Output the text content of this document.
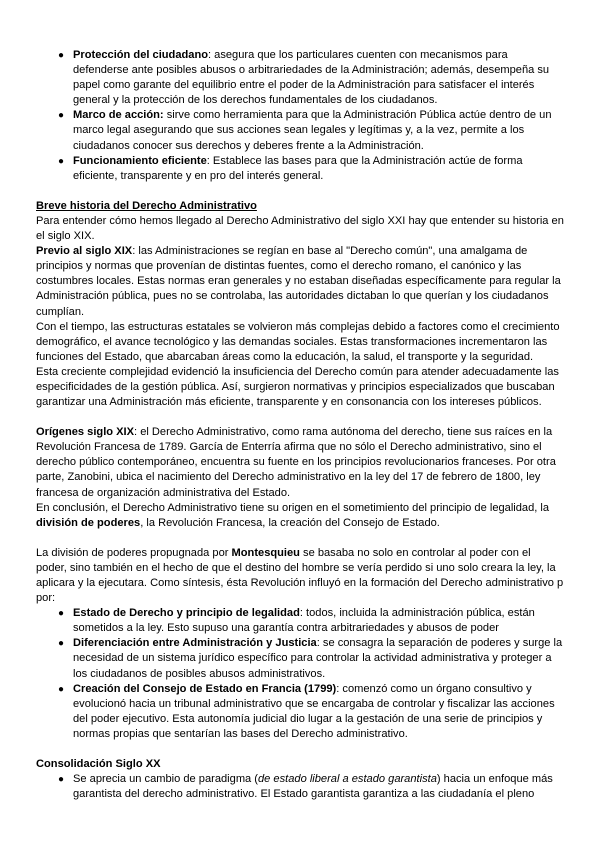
● Protección del ciudadano: asegura que los particulares cuenten con mecanismos para defenderse ante posibles abusos o arbitrariedades de la Administración; además, desempeña su papel como garante del equilibrio entre el poder de la Administración para satisfacer el interés general y la protección de los derechos fundamentales de los ciudadanos.
● Marco de acción: sirve como herramienta para que la Administración Pública actúe dentro de un marco legal asegurando que sus acciones sean legales y legítimas y, a la vez, permite a los ciudadanos conocer sus derechos y deberes frente a la Administración.
● Funcionamiento eficiente: Establece las bases para que la Administración actúe de forma eficiente, transparente y en pro del interés general.

Breve historia del Derecho Administrativo

Para entender cómo hemos llegado al Derecho Administrativo del siglo XXI hay que entender su historia en el siglo XIX.

Previo al siglo XIX: las Administraciones se regían en base al "Derecho común", una amalgama de principios y normas que provenían de distintas fuentes, como el derecho romano, el canónico y las costumbres locales. Estas normas eran generales y no estaban diseñadas específicamente para regular la Administración pública, pues no se controlaba, las autoridades dictaban lo que querían y los ciudadanos cumplían.

Con el tiempo, las estructuras estatales se volvieron más complejas debido a factores como el crecimiento demográfico, el avance tecnológico y las demandas sociales. Estas transformaciones incrementaron las funciones del Estado, que abarcaban áreas como la educación, la salud, el transporte y la seguridad.

Esta creciente complejidad evidenció la insuficiencia del Derecho común para atender adecuadamente las especificidades de la gestión pública. Así, surgieron normativas y principios especializados que buscaban garantizar una Administración más eficiente, transparente y en consonancia con los intereses públicos.

Orígenes siglo XIX: el Derecho Administrativo, como rama autónoma del derecho, tiene sus raíces en la Revolución Francesa de 1789. García de Enterría afirma que no sólo el Derecho administrativo, sino el derecho público contemporáneo, encuentra su fuente en los principios revolucionarios franceses. Por otra parte, Zanobini, ubica el nacimiento del Derecho administrativo en la ley del 17 de febrero de 1800, ley francesa de organización administrativa del Estado.

En conclusión, el Derecho Administrativo tiene su origen en el sometimiento del principio de legalidad, la división de poderes, la Revolución Francesa, la creación del Consejo de Estado.

La división de poderes propugnada por Montesquieu se basaba no solo en controlar al poder con el poder, sino también en el hecho de que el destino del hombre se vería perdido si uno solo creara la ley, la aplicara y la ejecutara. Como síntesis, ésta Revolución influyó en la formación del Derecho administrativo p por:

● Estado de Derecho y principio de legalidad: todos, incluida la administración pública, están sometidos a la ley. Esto supuso una garantía contra arbitrariedades y abusos de poder
● Diferenciación entre Administración y Justicia: se consagra la separación de poderes y surge la necesidad de un sistema jurídico específico para controlar la actividad administrativa y proteger a los ciudadanos de posibles abusos administrativos.
● Creación del Consejo de Estado en Francia (1799): comenzó como un órgano consultivo y evolucionó hacia un tribunal administrativo que se encargaba de controlar y fiscalizar las acciones del poder ejecutivo. Esta autonomía judicial dio lugar a la gestación de una serie de principios y normas propias que sentarían las bases del Derecho administrativo.

Consolidación Siglo XX

● Se aprecia un cambio de paradigma (de estado liberal a estado garantista) hacia un enfoque más garantista del derecho administrativo. El Estado garantista garantiza a las ciudadanía el pleno
